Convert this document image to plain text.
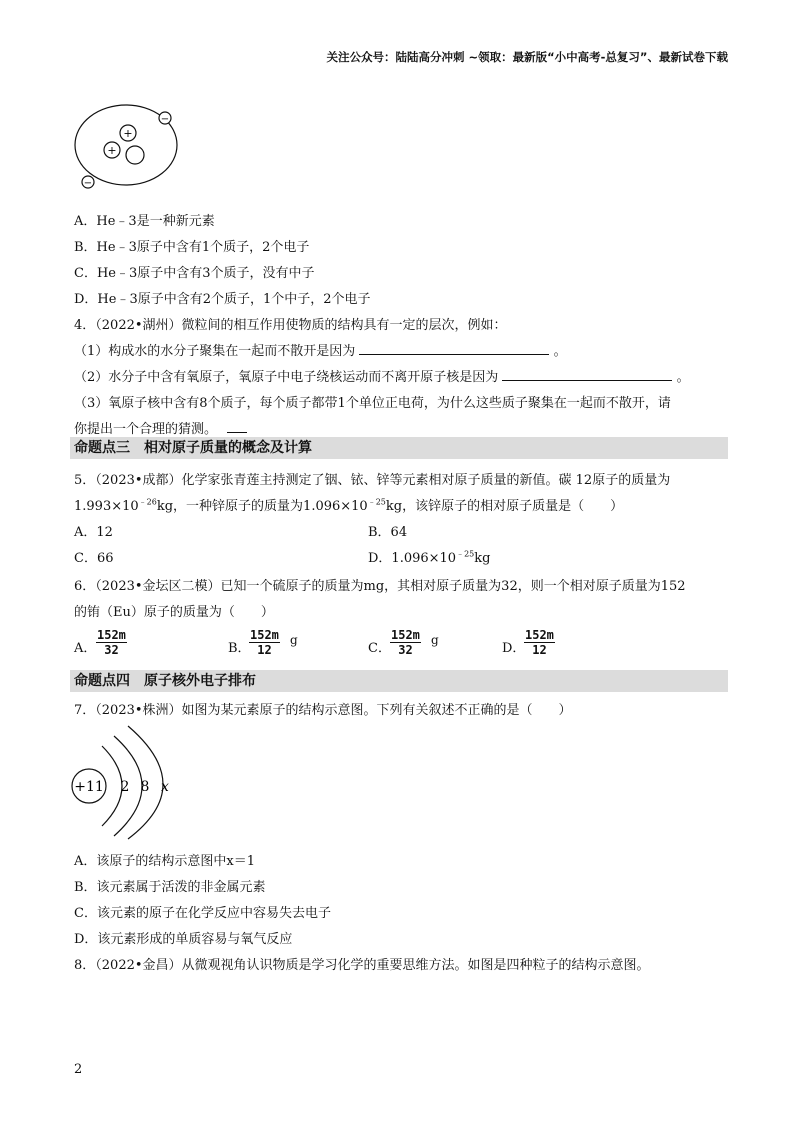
关注公众号：陆陆高分冲刺 ~领取：最新版“小中高考-总复习”、最新试卷下载
+
+
−
−
A．He﹣3是一种新元素
B．He﹣3原子中含有1个质子，2个电子
C．He﹣3原子中含有3个质子，没有中子
D．He﹣3原子中含有2个质子，1个中子，2个电子
4．（2022•湖州）微粒间的相互作用使物质的结构具有一定的层次，例如：
（1）构成水的水分子聚集在一起而不散开是因为	。
（2）水分子中含有氧原子，氧原子中电子绕核运动而不离开原子核是因为	。
（3）氧原子核中含有8个质子，每个质子都带1个单位正电荷，为什么这些质子聚集在一起而不散开，请
你提出一个合理的猜测。
命题点三　相对原子质量的概念及计算
5．（2023•成都）化学家张青莲主持测定了铟、铱、锌等元素相对原子质量的新值。碳 12原子的质量为
$1.993\times 10^{﹣26}kg$，一种锌原子的质量为$1.096\times 10^{﹣25}kg$，该锌原子的相对原子质量是（　　）
A．12	B．64
C．66	D．$1.096\times 10^{﹣25}kg$
6．（2023•金坛区二模）已知一个硫原子的质量为mg，其相对原子质量为32，则一个相对原子质量为152
的铕（Eu）原子的质量为（　　）
A． $\frac{152m}{32}$	B．
$\frac{152m}{12}$ g
C． $\frac{152m}{32}$ g
D．
$\frac{152m}{12}$
命题点四　原子核外电子排布
7．（2023•株洲）如图为某元素原子的结构示意图。下列有关叙述不正确的是（　　）
+11 2 8 x
A．该原子的结构示意图中x＝1
B．该元素属于活泼的非金属元素
C．该元素的原子在化学反应中容易失去电子
D．该元素形成的单质容易与氧气反应
8．（2022•金昌）从微观视角认识物质是学习化学的重要思维方法。如图是四种粒子的结构示意图。
2
